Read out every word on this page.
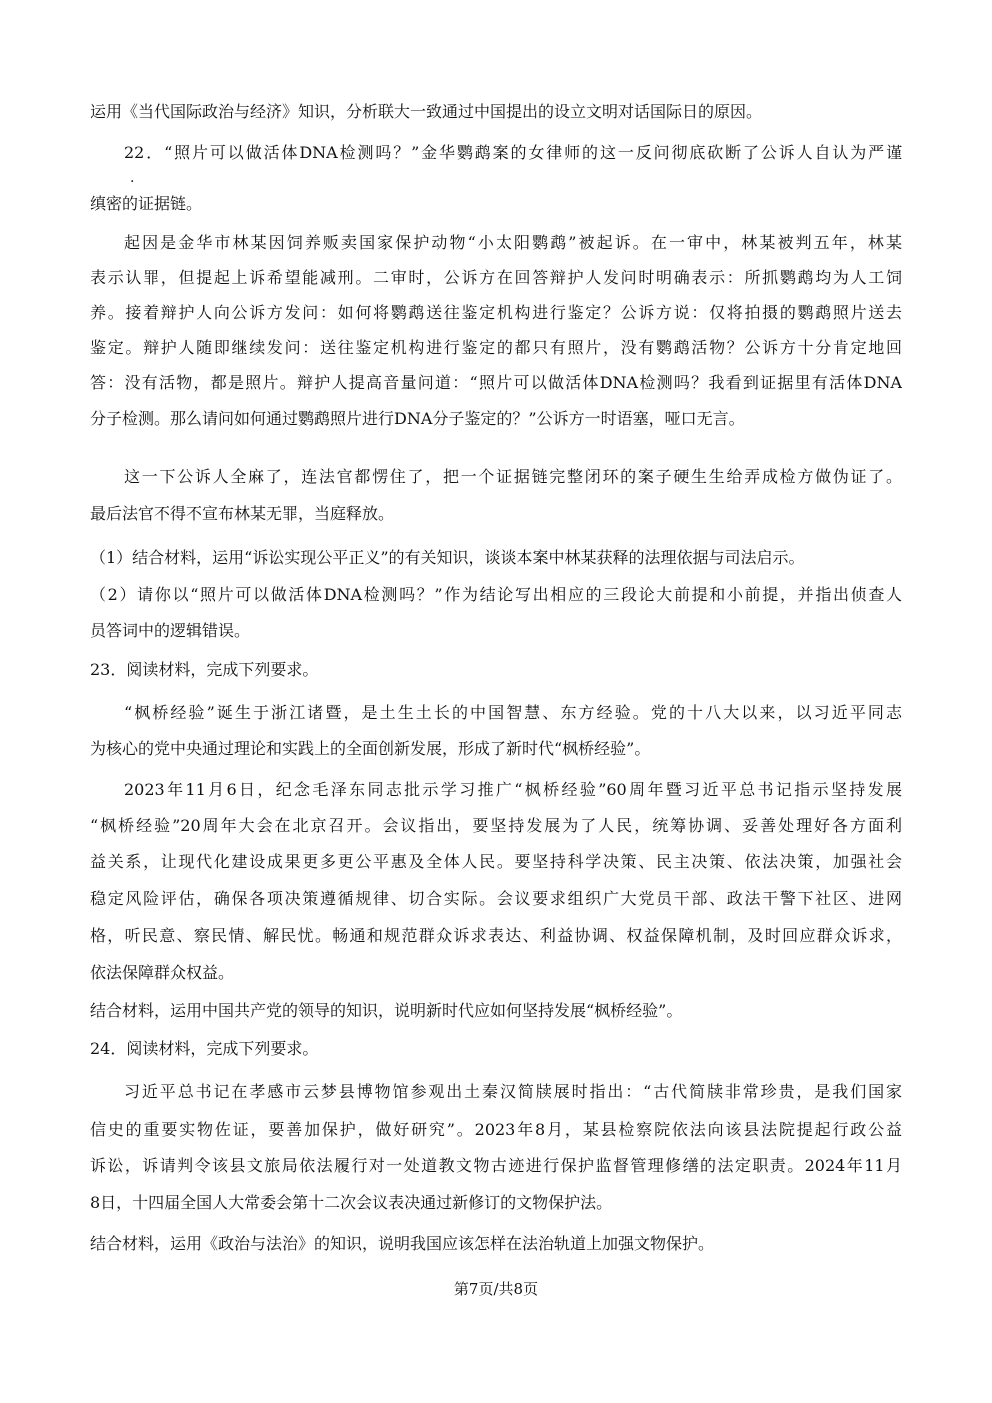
运用《当代国际政治与经济》知识，分析联大一致通过中国提出的设立文明对话国际日的原因。
22．“照片可以做活体DNA检测吗？”金华鹦鹉案的女律师的这一反问彻底砍断了公诉人自认为严谨
.
缜密的证据链。
起因是金华市林某因饲养贩卖国家保护动物“小太阳鹦鹉”被起诉。在一审中，林某被判五年，林某
表示认罪，但提起上诉希望能减刑。二审时，公诉方在回答辩护人发问时明确表示：所抓鹦鹉均为人工饲
养。接着辩护人向公诉方发问：如何将鹦鹉送往鉴定机构进行鉴定？公诉方说：仅将拍摄的鹦鹉照片送去
鉴定。辩护人随即继续发问：送往鉴定机构进行鉴定的都只有照片，没有鹦鹉活物？公诉方十分肯定地回
答：没有活物，都是照片。辩护人提高音量问道：“照片可以做活体DNA检测吗？我看到证据里有活体DNA
分子检测。那么请问如何通过鹦鹉照片进行DNA分子鉴定的？”公诉方一时语塞，哑口无言。
这一下公诉人全麻了，连法官都愣住了，把一个证据链完整闭环的案子硬生生给弄成检方做伪证了。
最后法官不得不宣布林某无罪，当庭释放。
（1）结合材料，运用“诉讼实现公平正义”的有关知识，谈谈本案中林某获释的法理依据与司法启示。
（2）请你以“照片可以做活体DNA检测吗？”作为结论写出相应的三段论大前提和小前提，并指出侦查人
员答词中的逻辑错误。
23．阅读材料，完成下列要求。
“枫桥经验”诞生于浙江诸暨，是土生土长的中国智慧、东方经验。党的十八大以来，以习近平同志
为核心的党中央通过理论和实践上的全面创新发展，形成了新时代“枫桥经验”。
2023年11月6日，纪念毛泽东同志批示学习推广“枫桥经验”60周年暨习近平总书记指示坚持发展
“枫桥经验”20周年大会在北京召开。会议指出，要坚持发展为了人民，统筹协调、妥善处理好各方面利
益关系，让现代化建设成果更多更公平惠及全体人民。要坚持科学决策、民主决策、依法决策，加强社会
稳定风险评估，确保各项决策遵循规律、切合实际。会议要求组织广大党员干部、政法干警下社区、进网
格，听民意、察民情、解民忧。畅通和规范群众诉求表达、利益协调、权益保障机制，及时回应群众诉求，
依法保障群众权益。
结合材料，运用中国共产党的领导的知识，说明新时代应如何坚持发展“枫桥经验”。
24．阅读材料，完成下列要求。
习近平总书记在孝感市云梦县博物馆参观出土秦汉简牍展时指出：“古代简牍非常珍贵，是我们国家
信史的重要实物佐证，要善加保护，做好研究”。2023年8月，某县检察院依法向该县法院提起行政公益
诉讼，诉请判令该县文旅局依法履行对一处道教文物古迹进行保护监督管理修缮的法定职责。2024年11月
8日，十四届全国人大常委会第十二次会议表决通过新修订的文物保护法。
结合材料，运用《政治与法治》的知识，说明我国应该怎样在法治轨道上加强文物保护。
第7页/共8页
